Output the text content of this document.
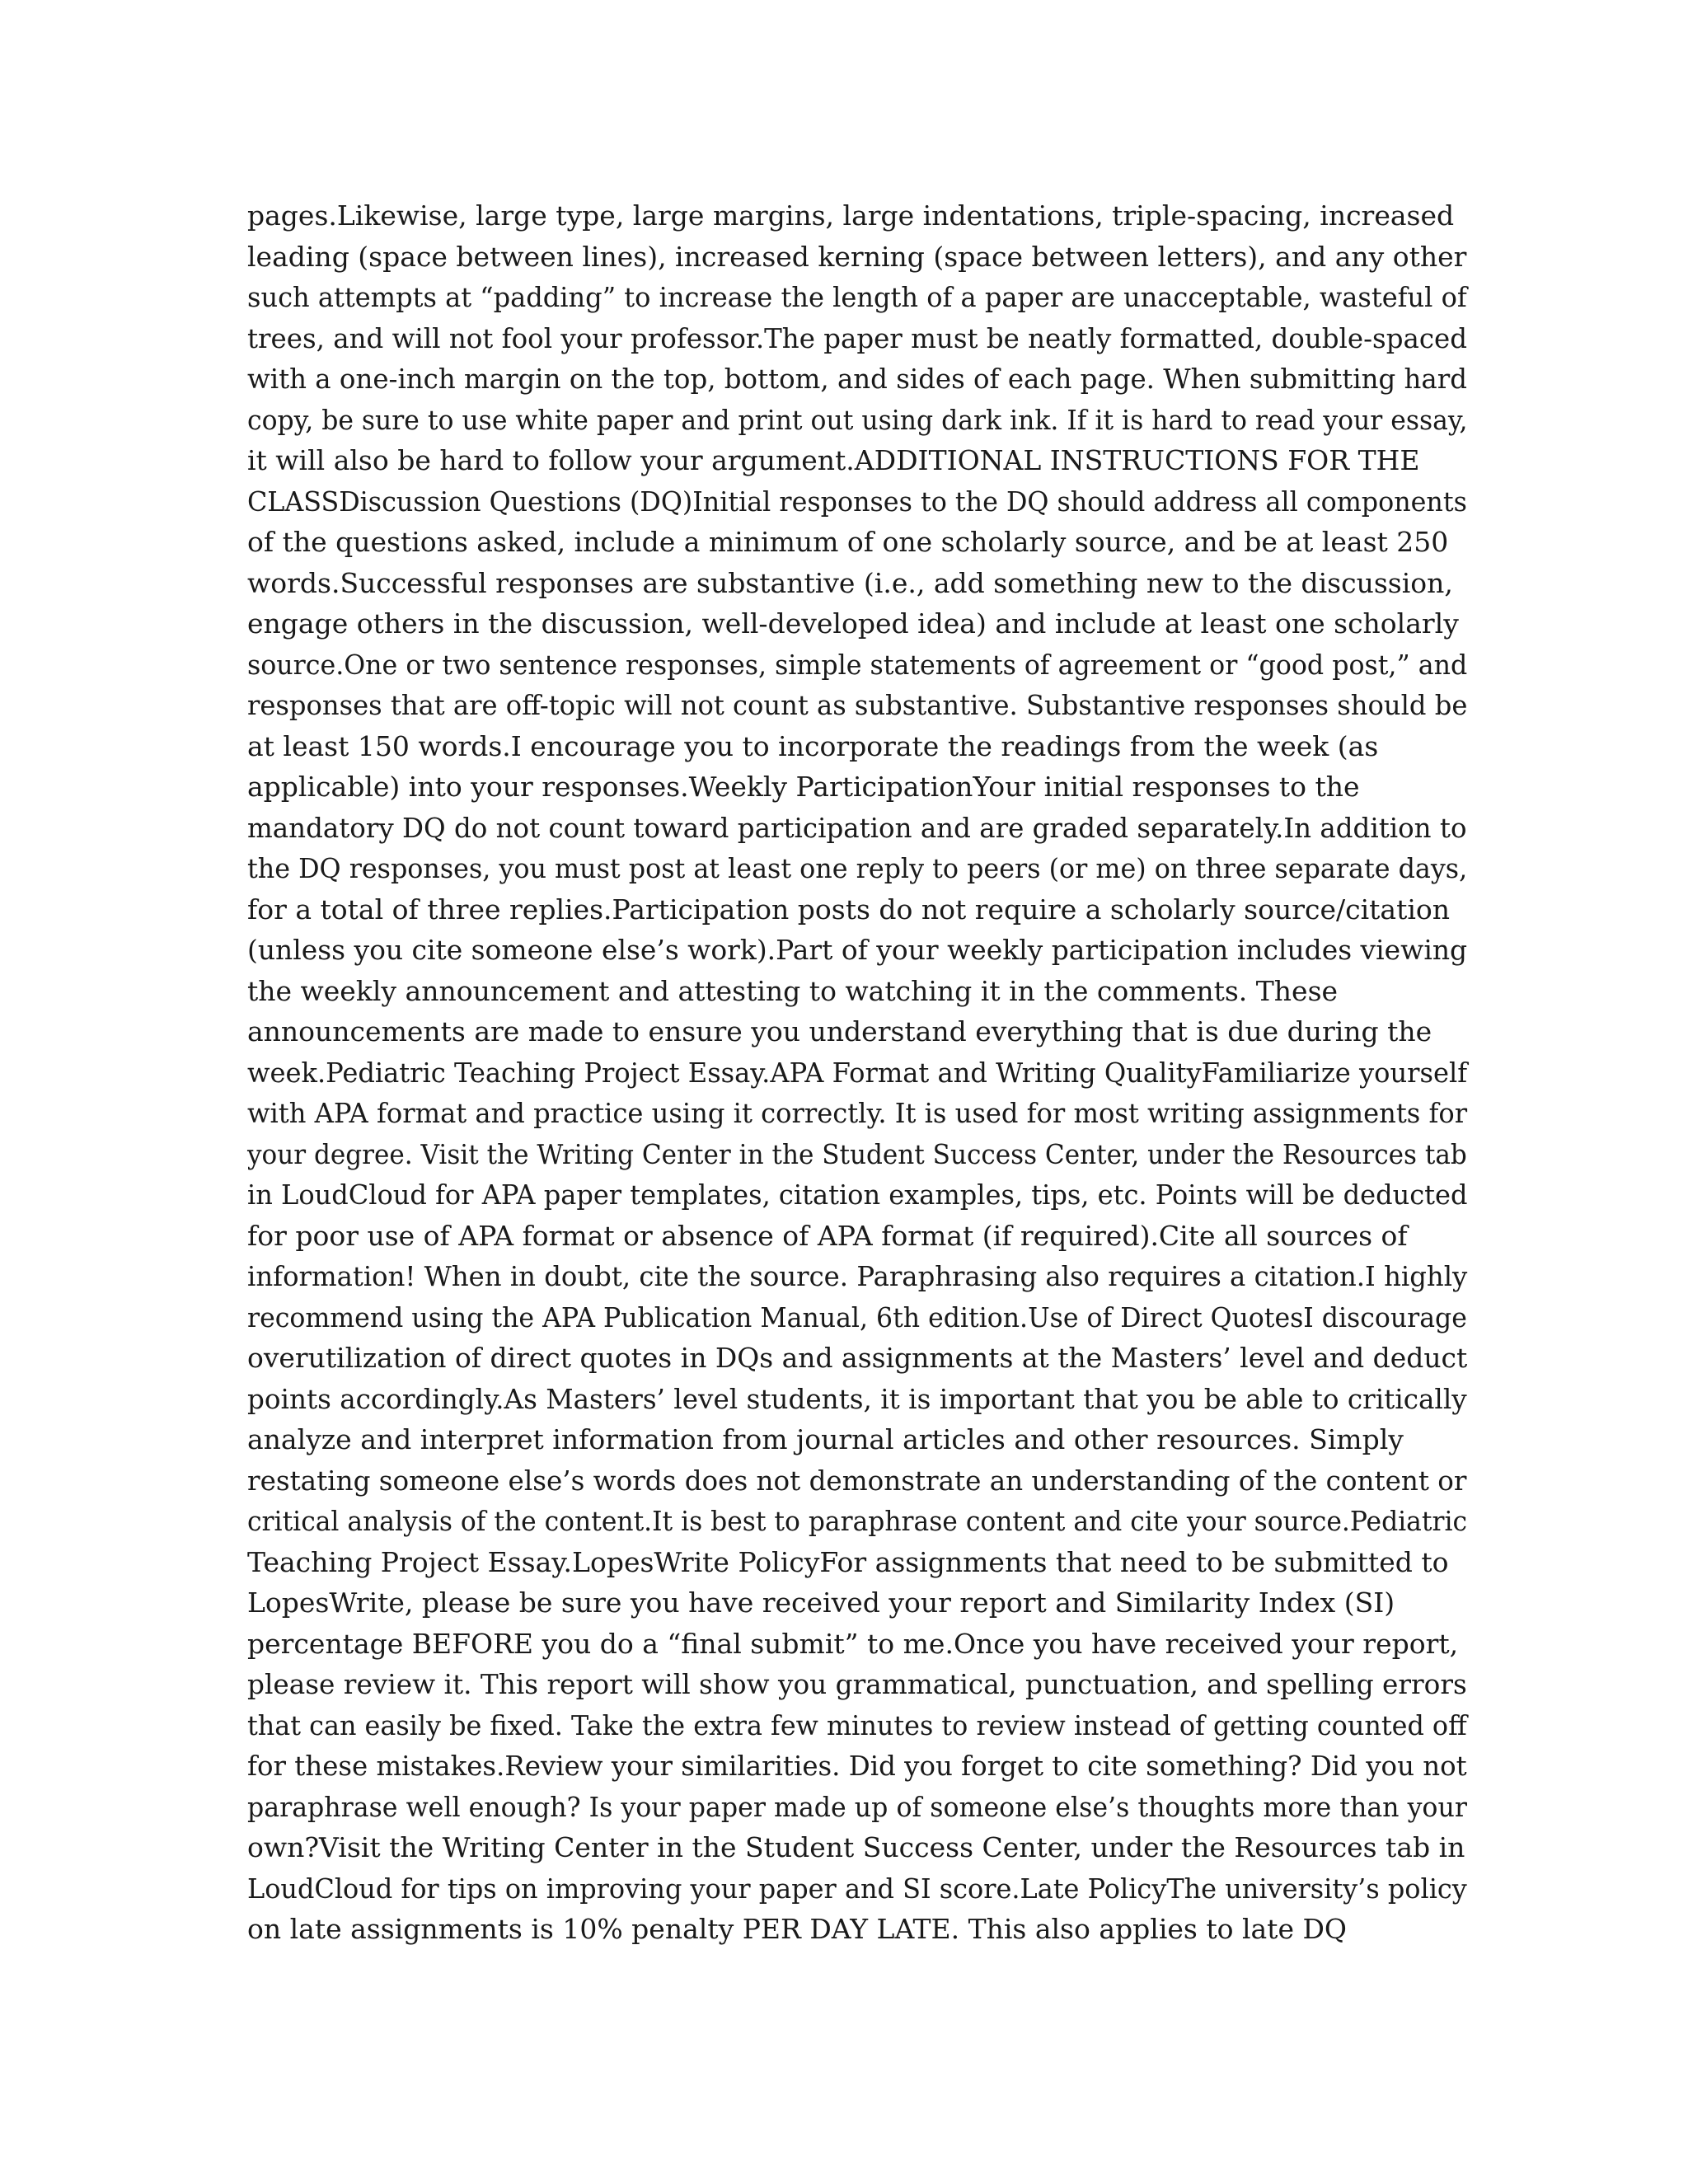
pages.Likewise, large type, large margins, large indentations, triple-spacing, increased
leading (space between lines), increased kerning (space between letters), and any other
such attempts at “padding” to increase the length of a paper are unacceptable, wasteful of
trees, and will not fool your professor.The paper must be neatly formatted, double-spaced
with a one-inch margin on the top, bottom, and sides of each page. When submitting hard
copy, be sure to use white paper and print out using dark ink. If it is hard to read your essay,
it will also be hard to follow your argument.ADDITIONAL INSTRUCTIONS FOR THE
CLASSDiscussion Questions (DQ)Initial responses to the DQ should address all components
of the questions asked, include a minimum of one scholarly source, and be at least 250
words.Successful responses are substantive (i.e., add something new to the discussion,
engage others in the discussion, well-developed idea) and include at least one scholarly
source.One or two sentence responses, simple statements of agreement or “good post,” and
responses that are off-topic will not count as substantive. Substantive responses should be
at least 150 words.I encourage you to incorporate the readings from the week (as
applicable) into your responses.Weekly ParticipationYour initial responses to the
mandatory DQ do not count toward participation and are graded separately.In addition to
the DQ responses, you must post at least one reply to peers (or me) on three separate days,
for a total of three replies.Participation posts do not require a scholarly source/citation
(unless you cite someone else’s work).Part of your weekly participation includes viewing
the weekly announcement and attesting to watching it in the comments. These
announcements are made to ensure you understand everything that is due during the
week.Pediatric Teaching Project Essay.APA Format and Writing QualityFamiliarize yourself
with APA format and practice using it correctly. It is used for most writing assignments for
your degree. Visit the Writing Center in the Student Success Center, under the Resources tab
in LoudCloud for APA paper templates, citation examples, tips, etc. Points will be deducted
for poor use of APA format or absence of APA format (if required).Cite all sources of
information! When in doubt, cite the source. Paraphrasing also requires a citation.I highly
recommend using the APA Publication Manual, 6th edition.Use of Direct QuotesI discourage
overutilization of direct quotes in DQs and assignments at the Masters’ level and deduct
points accordingly.As Masters’ level students, it is important that you be able to critically
analyze and interpret information from journal articles and other resources. Simply
restating someone else’s words does not demonstrate an understanding of the content or
critical analysis of the content.It is best to paraphrase content and cite your source.Pediatric
Teaching Project Essay.LopesWrite PolicyFor assignments that need to be submitted to
LopesWrite, please be sure you have received your report and Similarity Index (SI)
percentage BEFORE you do a “final submit” to me.Once you have received your report,
please review it. This report will show you grammatical, punctuation, and spelling errors
that can easily be fixed. Take the extra few minutes to review instead of getting counted off
for these mistakes.Review your similarities. Did you forget to cite something? Did you not
paraphrase well enough? Is your paper made up of someone else’s thoughts more than your
own?Visit the Writing Center in the Student Success Center, under the Resources tab in
LoudCloud for tips on improving your paper and SI score.Late PolicyThe university’s policy
on late assignments is 10% penalty PER DAY LATE. This also applies to late DQ
